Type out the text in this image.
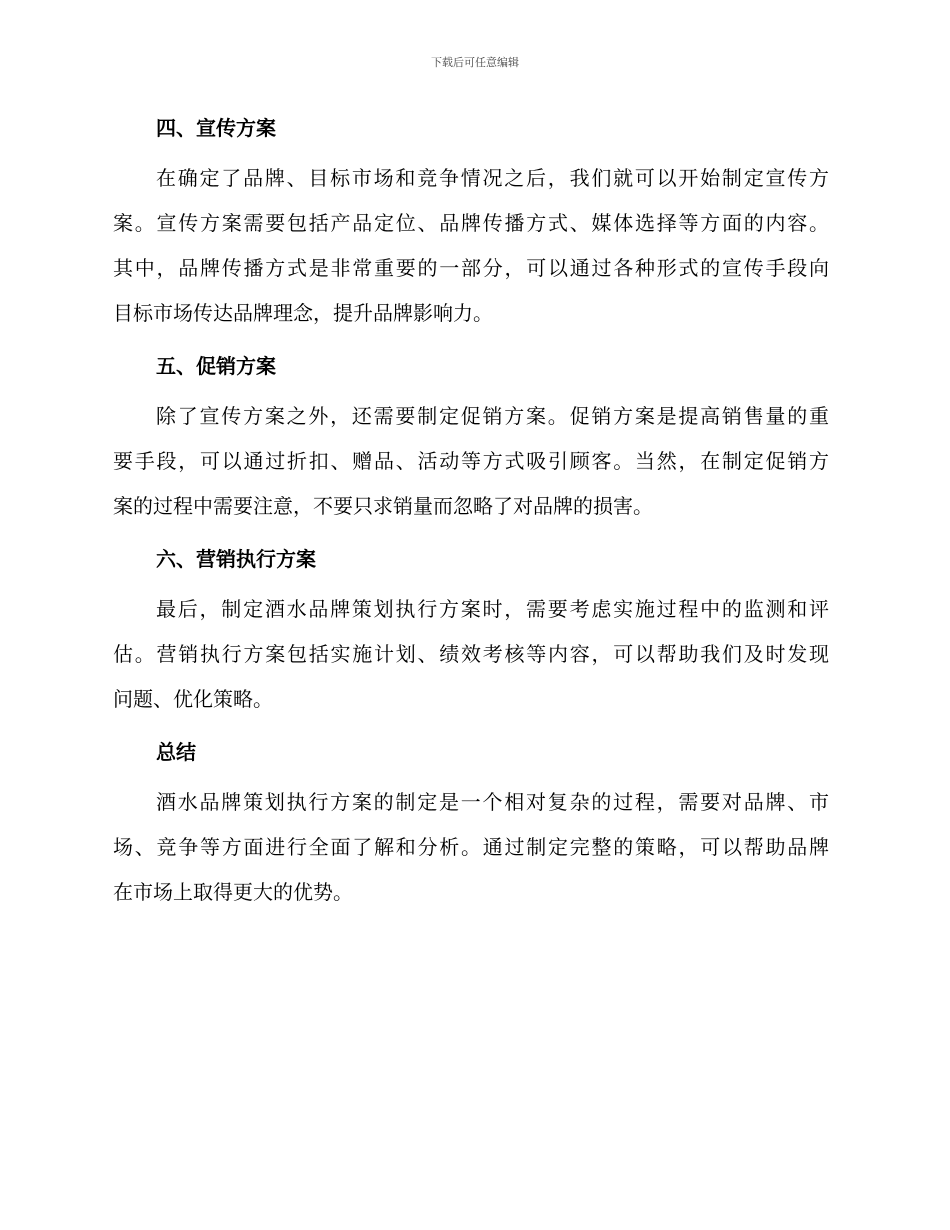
下载后可任意编辑
四、宣传方案
在确定了品牌、目标市场和竞争情况之后，我们就可以开始制定宣传方
案。宣传方案需要包括产品定位、品牌传播方式、媒体选择等方面的内容。
其中，品牌传播方式是非常重要的一部分，可以通过各种形式的宣传手段向
目标市场传达品牌理念，提升品牌影响力。
五、促销方案
除了宣传方案之外，还需要制定促销方案。促销方案是提高销售量的重
要手段，可以通过折扣、赠品、活动等方式吸引顾客。当然，在制定促销方
案的过程中需要注意，不要只求销量而忽略了对品牌的损害。
六、营销执行方案
最后，制定酒水品牌策划执行方案时，需要考虑实施过程中的监测和评
估。营销执行方案包括实施计划、绩效考核等内容，可以帮助我们及时发现
问题、优化策略。
总结
酒水品牌策划执行方案的制定是一个相对复杂的过程，需要对品牌、市
场、竞争等方面进行全面了解和分析。通过制定完整的策略，可以帮助品牌
在市场上取得更大的优势。
